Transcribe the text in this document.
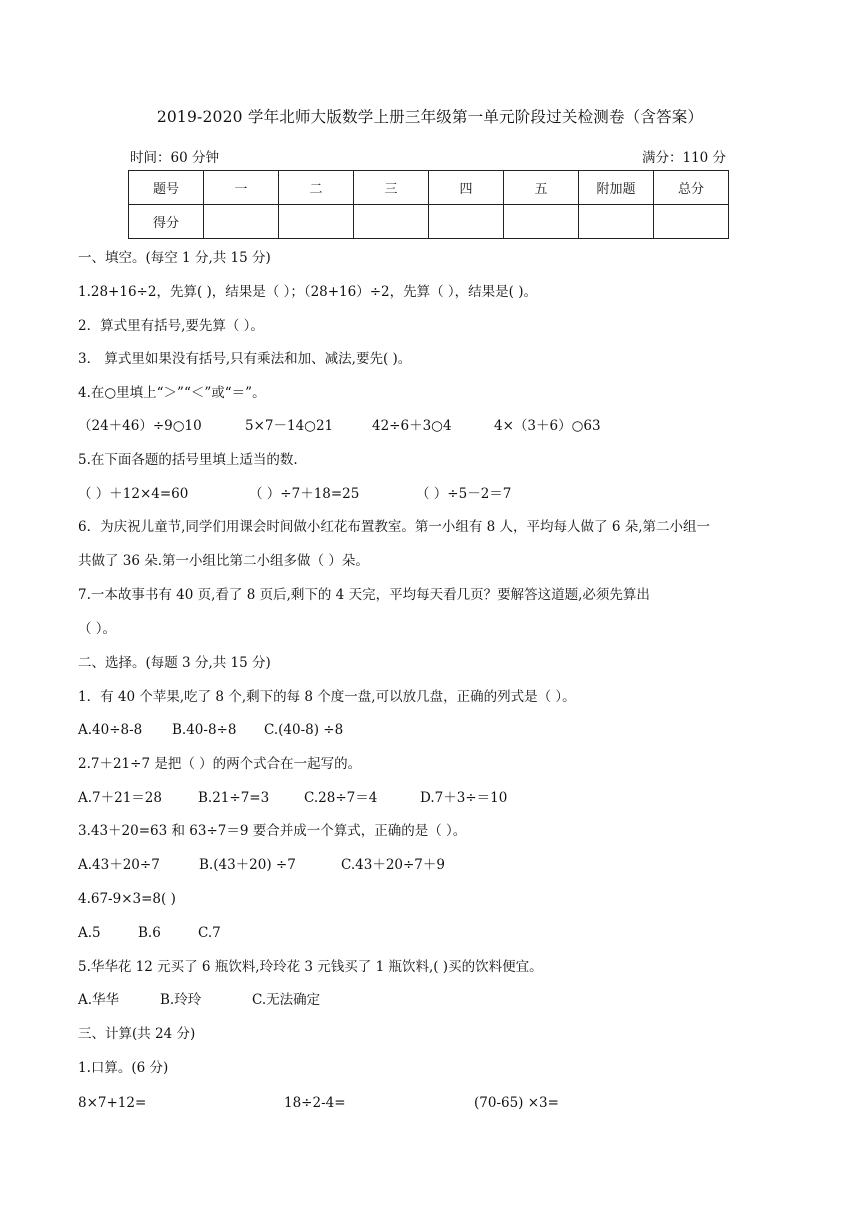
2019-2020 学年北师大版数学上册三年级第一单元阶段过关检测卷（含答案）
时间：60 分钟	满分：110 分
题号	一	二	三	四	五	附加题	总分
得分							
一、填空。(每空 1 分,共 15 分)
1.28+16÷2，先算( )，结果是（ ）；（28+16）÷2，先算（ ），结果是( )。
2．算式里有括号,要先算（ ）。
3． 算式里如果没有括号,只有乘法和加、减法,要先( )。
4.在○里填上“＞”“＜”或“＝”。
（24＋46）÷9○10	5×7－14○21	42÷6＋3○4	4×（3＋6）○63
5.在下面各题的括号里填上适当的数.
（ ）＋12×4=60	（ ）÷7＋18=25	（ ）÷5－2＝7
6．为庆祝儿童节,同学们用课会时间做小红花布置教室。第一小组有 8 人，平均每人做了 6 朵,第二小组一
共做了 36 朵.第一小组比第二小组多做（ ）朵。
7.一本故事书有 40 页,看了 8 页后,剩下的 4 天完，平均每天看几页？要解答这道题,必须先算出
（ ）。
二、选择。(每题 3 分,共 15 分)
1．有 40 个苹果,吃了 8 个,剩下的每 8 个度一盘,可以放几盘，正确的列式是（ ）。
A.40÷8-8 B.40-8÷8 C.(40-8) ÷8
2.7＋21÷7 是把（ ）的两个式合在一起写的。
A.7＋21＝28	B.21÷7=3	C.28÷7＝4	D.7＋3÷＝10
3.43＋20=63 和 63÷7＝9 要合并成一个算式，正确的是（ ）。
A.43＋20÷7	B.(43＋20) ÷7	C.43＋20÷7＋9
4.67-9×3=8( )
A.5	B.6	C.7
5.华华花 12 元买了 6 瓶饮料,玲玲花 3 元钱买了 1 瓶饮料,( )买的饮料便宜。
A.华华	B.玲玲	C.无法确定
三、计算(共 24 分)
1.口算。(6 分)
8×7+12=	18÷2-4=	(70-65) ×3=
